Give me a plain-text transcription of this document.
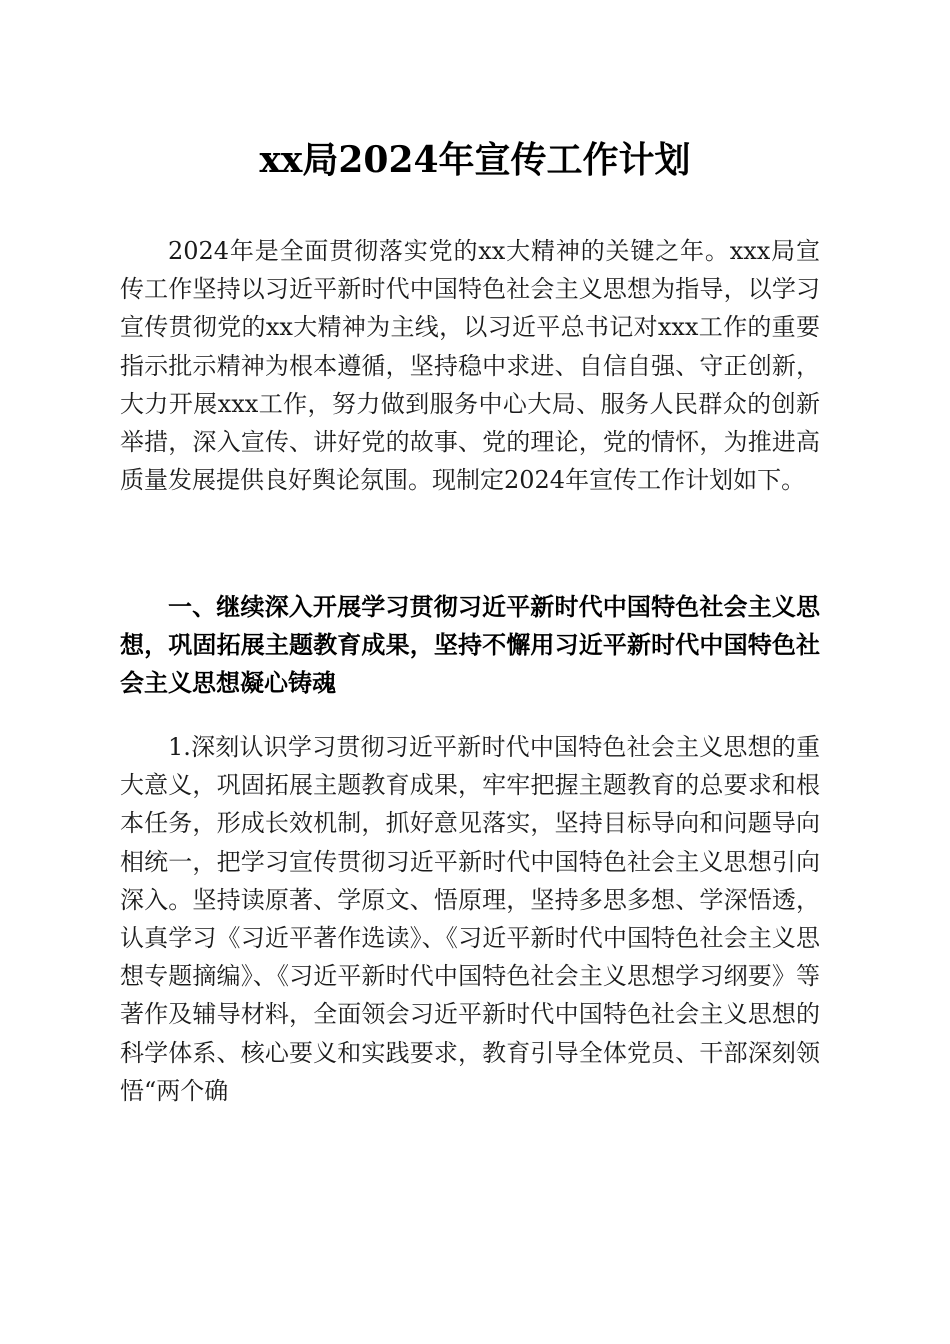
xx局2024年宣传工作计划

2024年是全面贯彻落实党的xx大精神的关键之年。xxx局宣传工作坚持以习近平新时代中国特色社会主义思想为指导，以学习宣传贯彻党的xx大精神为主线，以习近平总书记对xxx工作的重要指示批示精神为根本遵循，坚持稳中求进、自信自强、守正创新，大力开展xxx工作，努力做到服务中心大局、服务人民群众的创新举措，深入宣传、讲好党的故事、党的理论，党的情怀，为推进高质量发展提供良好舆论氛围。现制定2024年宣传工作计划如下。

一、继续深入开展学习贯彻习近平新时代中国特色社会主义思想，巩固拓展主题教育成果，坚持不懈用习近平新时代中国特色社会主义思想凝心铸魂

1.深刻认识学习贯彻习近平新时代中国特色社会主义思想的重大意义，巩固拓展主题教育成果，牢牢把握主题教育的总要求和根本任务，形成长效机制，抓好意见落实，坚持目标导向和问题导向相统一，把学习宣传贯彻习近平新时代中国特色社会主义思想引向深入。坚持读原著、学原文、悟原理，坚持多思多想、学深悟透，认真学习《习近平著作选读》、《习近平新时代中国特色社会主义思想专题摘编》、《习近平新时代中国特色社会主义思想学习纲要》等著作及辅导材料，全面领会习近平新时代中国特色社会主义思想的科学体系、核心要义和实践要求，教育引导全体党员、干部深刻领悟“两个确
